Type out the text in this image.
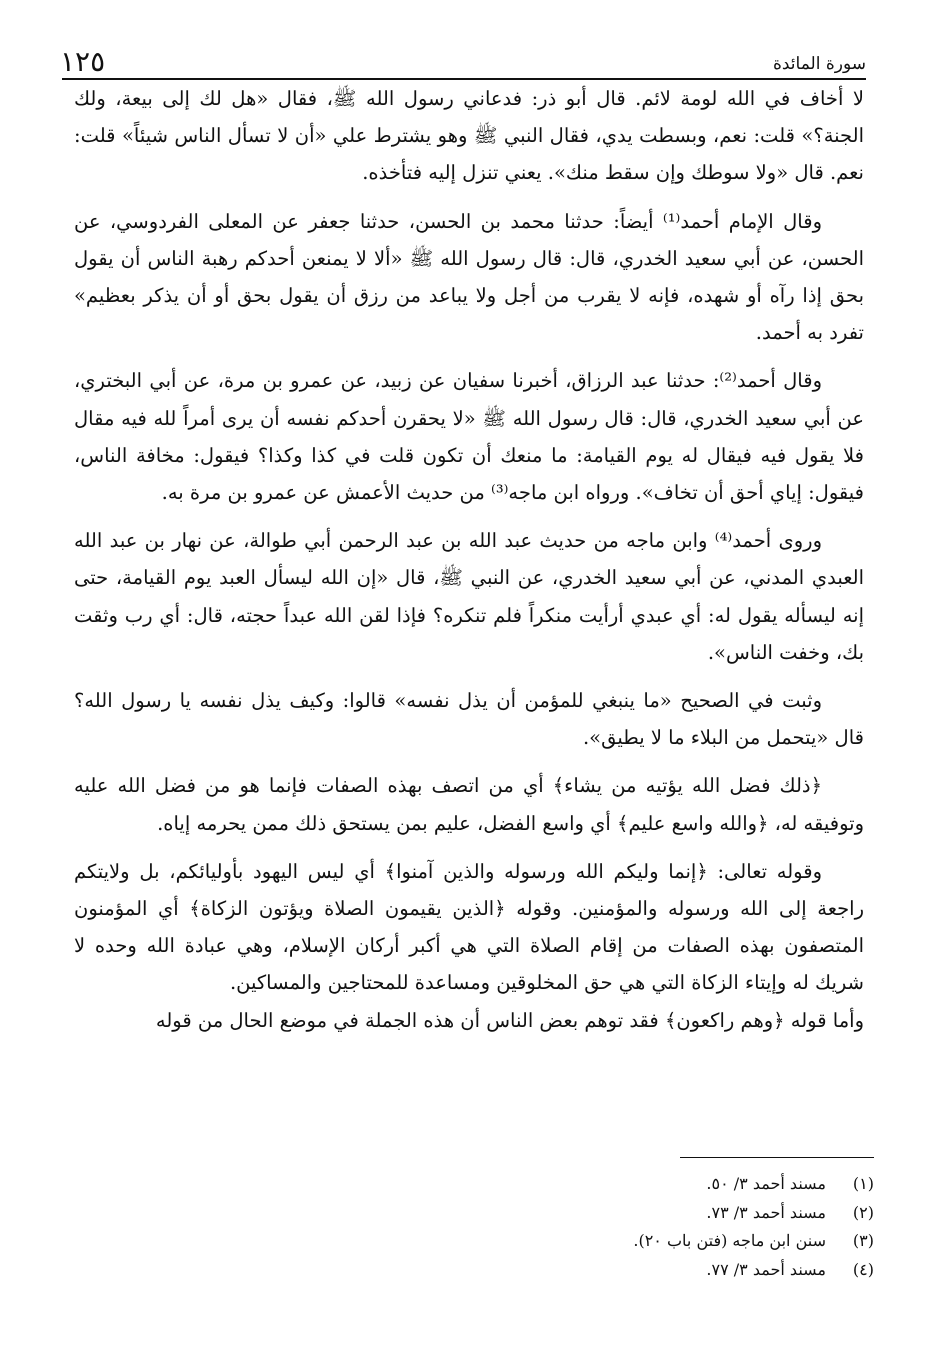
سورة المائدة
١٢٥

لا أخاف في الله لومة لائم. قال أبو ذر: فدعاني رسول الله ﷺ، فقال «هل لك إلى بيعة، ولك الجنة؟» قلت: نعم، وبسطت يدي، فقال النبي ﷺ وهو يشترط علي «أن لا تسأل الناس شيئاً» قلت: نعم. قال «ولا سوطك وإن سقط منك». يعني تنزل إليه فتأخذه.

وقال الإمام أحمد⁽¹⁾ أيضاً: حدثنا محمد بن الحسن، حدثنا جعفر عن المعلى الفردوسي، عن الحسن، عن أبي سعيد الخدري، قال: قال رسول الله ﷺ «ألا لا يمنعن أحدكم رهبة الناس أن يقول بحق إذا رآه أو شهده، فإنه لا يقرب من أجل ولا يباعد من رزق أن يقول بحق أو أن يذكر بعظيم» تفرد به أحمد.

وقال أحمد⁽²⁾: حدثنا عبد الرزاق، أخبرنا سفيان عن زبيد، عن عمرو بن مرة، عن أبي البختري، عن أبي سعيد الخدري، قال: قال رسول الله ﷺ «لا يحقرن أحدكم نفسه أن يرى أمراً لله فيه مقال فلا يقول فيه فيقال له يوم القيامة: ما منعك أن تكون قلت في كذا وكذا؟ فيقول: مخافة الناس، فيقول: إياي أحق أن تخاف». ورواه ابن ماجه⁽³⁾ من حديث الأعمش عن عمرو بن مرة به.

وروى أحمد⁽⁴⁾ وابن ماجه من حديث عبد الله بن عبد الرحمن أبي طوالة، عن نهار بن عبد الله العبدي المدني، عن أبي سعيد الخدري، عن النبي ﷺ، قال «إن الله ليسأل العبد يوم القيامة، حتى إنه ليسأله يقول له: أي عبدي أرأيت منكراً فلم تنكره؟ فإذا لقن الله عبداً حجته، قال: أي رب وثقت بك، وخفت الناس».

وثبت في الصحيح «ما ينبغي للمؤمن أن يذل نفسه» قالوا: وكيف يذل نفسه يا رسول الله؟ قال «يتحمل من البلاء ما لا يطيق».

﴿ذلك فضل الله يؤتيه من يشاء﴾ أي من اتصف بهذه الصفات فإنما هو من فضل الله عليه وتوفيقه له، ﴿والله واسع عليم﴾ أي واسع الفضل، عليم بمن يستحق ذلك ممن يحرمه إياه.

وقوله تعالى: ﴿إنما وليكم الله ورسوله والذين آمنوا﴾ أي ليس اليهود بأوليائكم، بل ولايتكم راجعة إلى الله ورسوله والمؤمنين. وقوله ﴿الذين يقيمون الصلاة ويؤتون الزكاة﴾ أي المؤمنون المتصفون بهذه الصفات من إقام الصلاة التي هي أكبر أركان الإسلام، وهي عبادة الله وحده لا شريك له وإيتاء الزكاة التي هي حق المخلوقين ومساعدة للمحتاجين والمساكين.

وأما قوله ﴿وهم راكعون﴾ فقد توهم بعض الناس أن هذه الجملة في موضع الحال من قوله

(١)مسند أحمد ٣/ ٥٠.
(٢)مسند أحمد ٣/ ٧٣.
(٣)سنن ابن ماجه (فتن باب ٢٠).
(٤)مسند أحمد ٣/ ٧٧.
